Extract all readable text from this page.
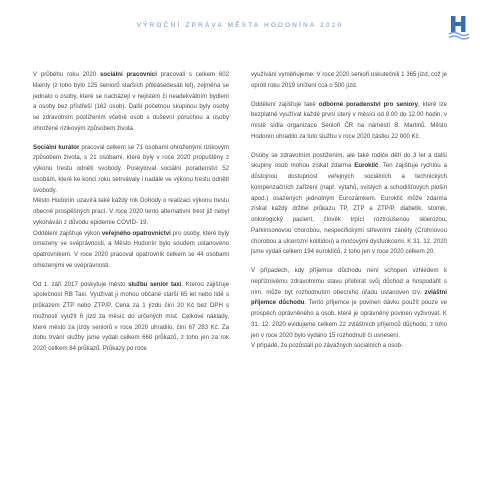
VÝROČNÍ ZPRÁVA MĚSTA HODONÍNA 2020

V průběhu roku 2020 sociální pracovníci pracovali s celkem 602 klienty (z toho bylo 125 seniorů starších přiklášedesáti let), zejména se jednalo o osoby, které se nacházejí v nejistém či neadekvátním bydlení a osoby bez přístřeší (162 osob). Další početnou skupinou byly osoby se zdravotním postižením včetně osob s duševní poruchou a osoby ohrožené rizikovým způsobem života.

Sociální kurátor pracoval celkem se 71 osobami ohroženými rizikovým způsobem života, s 21 osobami, které byly v roce 2020 propuštěny z výkonu trestu odnětí svobody. Poskytoval sociální poradenství 52 osobám, které ke konci roku setrvávaly i nadále ve výkonu trestu odnětí svobody.

Město Hodonín uzavírá také každý rok Dohody o realizaci výkonu trestu obecně prospěšných prací. V roce 2020 tento alternativní trest již nebyl vykonáván z důvodu epidemie COVID- 19.

Oddělení zajišťuje výkon veřejného opatrovnictví pro osoby, které byly omezeny ve svéprávnosti, a Město Hodonín bylo soudem ustanoveno opatrovníkem. V roce 2020 pracoval opatrovník celkem se 44 osobami omezenými ve svéprávnosti.

Od 1. září 2017 poskytuje město službu senior taxi. Kterou zajišťuje společnost RB Taxi. Využívat ji mohou občané starší 65 let nebo lidé s průkazem ZTP nebo ZTP/P. Cena za 1 jízdu činí 20 Kč bez DPH s možností využít 6 jízd za měsíc do určených míst. Celkové náklady, které město za jízdy seniorů v roce 2020 uhradilo, činí 67 283 Kč. Za dobu trvání služby jsme vydali celkem 660 průkazů, z toho jen za rok 2020 celkem 84 průkazů. Průkazy po roce

využívání vyměňujeme. V roce 2020 senioři uskutečnili 1 365 jízd, což je oproti roku 2019 snížení cca o 500 jízd.

Oddělení zajišťuje také odborné poradenství pro seniory, které lze bezplatně využívat každé první úterý v měsíci od 8.00 do 12.00 hodin, v místě sídla organizace Senioři ČR na náměstí B. Martinů. Město Hodonín uhradilo za tuto službu v roce 2020 částku 22 000 Kč.

Osoby se zdravotním postižením, ale také rodiče dětí do 3 let a další skupiny osob mohou získat zdarma Euroklíč. Ten zajišťuje rychlou a důstojnou dostupnost veřejných sociálních a technických kompenzačních zařízení (např. výtahů, svislých a schodišťových plošin apod.) osazených jednotným Eurozámkem. Euroklíč může zdarma získat každý držitel průkazu TP, ZTP a ZTP/P, diabetik, stomik, onkologický pacient, člověk trpící roztroušenou sklerózou, Parkinsonovou chorobou, nespecifickými střevními záněty (Crohnovou chorobou a ulcerózní kolitidou) a močovými dysfunkcemi. K 31. 12. 2020 jsme vydali celkem 194 euroklíčů, z toho jen v roce 2020 celkem 20.

V případech, kdy příjemce důchodu není schopen vzhledem k nepříznivému zdravotnímu stavu přebírat svůj důchod a hospodařit s ním, může být rozhodnutím obecního úřadu ustanoven tzv. zvláštní příjemce důchodu. Tento příjemce je povinen dávku použít pouze ve prospěch oprávněného a osob, které je oprávněný povinen vyživovat. K 31. 12. 2020 evidujeme celkem 22 zvláštních příjemců důchodu, z toho jen v roce 2020 bylo vydáno 15 rozhodnutí či usnesení.

V případě, že pozůstalí po závažných sociálních a osob-
